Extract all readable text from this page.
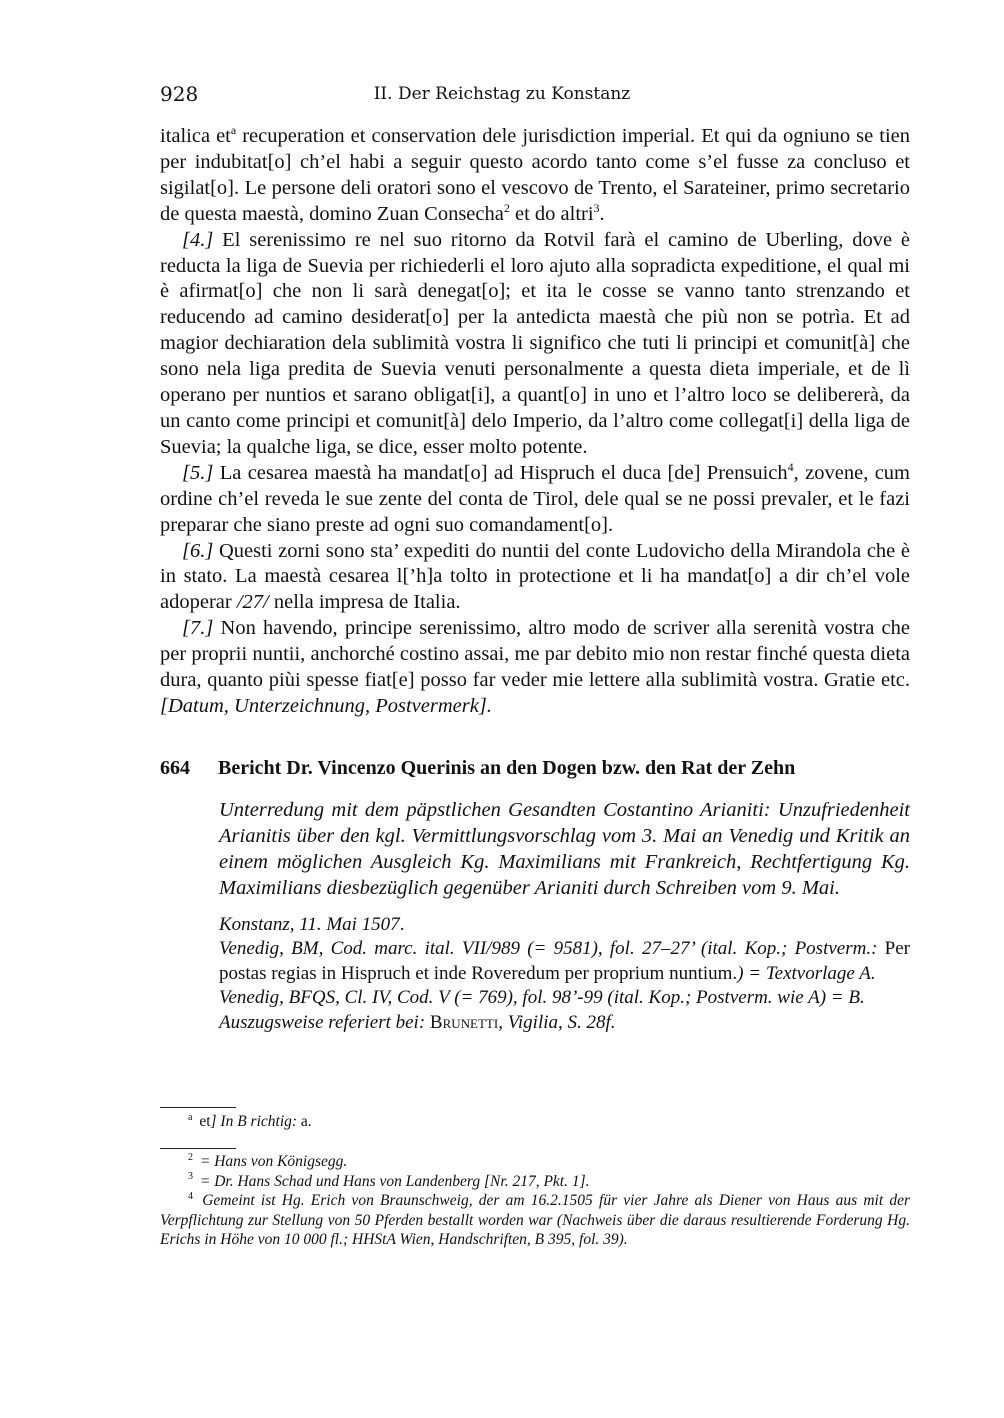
928	II. Der Reichstag zu Konstanz

italica $et^a$ recuperation et conservation dele jurisdiction imperial. Et qui da ogniuno se tien per indubitat[o] ch’el habi a seguir questo acordo tanto come s’el fusse za concluso et sigilat[o]. Le persone deli oratori sono el vescovo de Trento, el Sarateiner, primo secretario de questa maestà, domino Zuan Consecha$^2$ et do altri$^3$.

[4.] El serenissimo re nel suo ritorno da Rotvil farà el camino de Uberling, dove è reducta la liga de Suevia per richiederli el loro ajuto alla sopradicta expeditione, el qual mi è afirmat[o] che non li sarà denegat[o]; et ita le cosse se vanno tanto strenzando et reducendo ad camino desiderat[o] per la antedicta maestà che più non se potrìa. Et ad magior dechiaration dela sublimità vostra li significo che tuti li principi et comunit[à] che sono nela liga predita de Suevia venuti personalmente a questa dieta imperiale, et de lì operano per nuntios et sarano obligat[i], a quant[o] in uno et l’altro loco se delibererà, da un canto come principi et comunit[à] delo Imperio, da l’altro come collegat[i] della liga de Suevia; la qualche liga, se dice, esser molto potente.

[5.] La cesarea maestà ha mandat[o] ad Hispruch el duca [de] Prensuich$^4$, zovene, cum ordine ch’el reveda le sue zente del conta de Tirol, dele qual se ne possi prevaler, et le fazi preparar che siano preste ad ogni suo comandament[o].

[6.] Questi zorni sono sta’ expediti do nuntii del conte Ludovicho della Mirandola che è in stato. La maestà cesarea l[’h]a tolto in protectione et li ha mandat[o] a dir ch’el vole adoperar /27/ nella impresa de Italia.

[7.] Non havendo, principe serenissimo, altro modo de scriver alla serenità vostra che per proprii nuntii, anchorché costino assai, me par debito mio non restar finché questa dieta dura, quanto piùi spesse fiat[e] posso far veder mie lettere alla sublimità vostra. Gratie etc. [Datum, Unterzeichnung, Postvermerk].

664 Bericht Dr. Vincenzo Querinis an den Dogen bzw. den Rat der Zehn
Unterredung mit dem päpstlichen Gesandten Costantino Arianiti: Unzufriedenheit Arianitis über den kgl. Vermittlungsvorschlag vom 3. Mai an Venedig und Kritik an einem möglichen Ausgleich Kg. Maximilians mit Frankreich, Rechtfertigung Kg. Maximilians diesbezüglich gegenüber Arianiti durch Schreiben vom 9. Mai.

Konstanz, 11. Mai 1507.

Venedig, BM, Cod. marc. ital. VII/989 (= 9581), fol. 27–27’ (ital. Kop.; Postverm.: Per postas regias in Hispruch et inde Roveredum per proprium nuntium.) = Textvorlage A.

Venedig, BFQS, Cl. IV, Cod. V (= 769), fol. 98’-99 (ital. Kop.; Postverm. wie A) = B.

Auszugsweise referiert bei: Brunetti, Vigilia, S. 28f.

$^a$ et] In B richtig: a.

$^2$ = Hans von Königsegg.

$^3$ = Dr. Hans Schad und Hans von Landenberg [Nr. 217, Pkt. 1].

$^4$ Gemeint ist Hg. Erich von Braunschweig, der am 16.2.1505 für vier Jahre als Diener von Haus aus mit der Verpflichtung zur Stellung von 50 Pferden bestallt worden war (Nachweis über die daraus resultierende Forderung Hg. Erichs in Höhe von 10 000 fl.; HHStA Wien, Handschriften, B 395, fol. 39).
